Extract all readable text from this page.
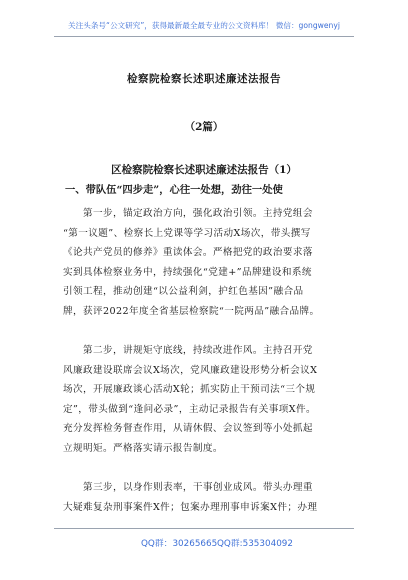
关注头条号“公文研究”，获得最新最全最专业的公文资料库！ 微信：gongwenyj
检察院检察长述职述廉述法报告
（2篇）
区检察院检察长述职述廉述法报告（1）
一、带队伍“四步走”，心往一处想，劲往一处使
第一步，锚定政治方向，强化政治引领。主持党组会
“第一议题”、检察长上党课等学习活动X场次，带头撰写
《论共产党员的修养》重读体会。严格把党的政治要求落
实到具体检察业务中，持续强化“党建+”品牌建设和系统
引领工程，推动创建“以公益利剑，护红色基因”融合品
牌，获评2022年度全省基层检察院“一院两品”融合品牌。
第二步，讲规矩守底线，持续改进作风。主持召开党
风廉政建设联席会议X场次，党风廉政建设形势分析会议X
场次，开展廉政谈心活动X轮；抓实防止干预司法“三个规
定”，带头做到“逢问必录”，主动记录报告有关事项X件。
充分发挥检务督查作用，从请休假、会议签到等小处抓起
立规明矩。严格落实请示报告制度。
第三步，以身作则表率，干事创业成风。带头办理重
大疑难复杂刑事案件X件；包案办理刑事申诉案X件；办理
QQ群：30265665 QQ群:535304092
